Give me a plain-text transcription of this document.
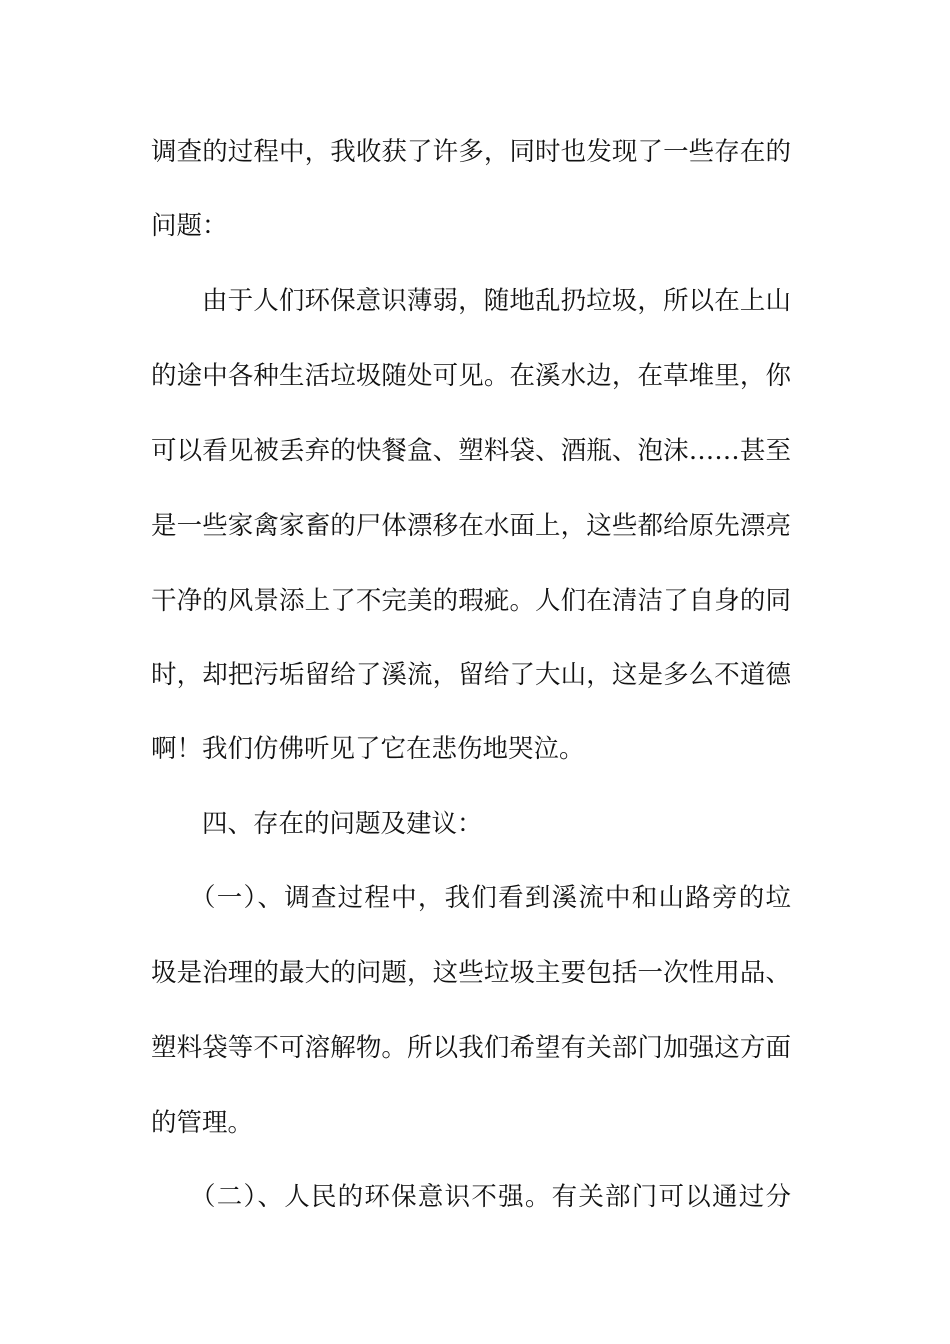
调查的过程中，我收获了许多，同时也发现了一些存在的
问题：
由于人们环保意识薄弱，随地乱扔垃圾，所以在上山
的途中各种生活垃圾随处可见。在溪水边，在草堆里，你
可以看见被丢弃的快餐盒、塑料袋、酒瓶、泡沫……甚至
是一些家禽家畜的尸体漂移在水面上，这些都给原先漂亮
干净的风景添上了不完美的瑕疵。人们在清洁了自身的同
时，却把污垢留给了溪流，留给了大山，这是多么不道德
啊！我们仿佛听见了它在悲伤地哭泣。
四、存在的问题及建议：
（一）、调查过程中，我们看到溪流中和山路旁的垃
圾是治理的最大的问题，这些垃圾主要包括一次性用品、
塑料袋等不可溶解物。所以我们希望有关部门加强这方面
的管理。
（二）、人民的环保意识不强。有关部门可以通过分
